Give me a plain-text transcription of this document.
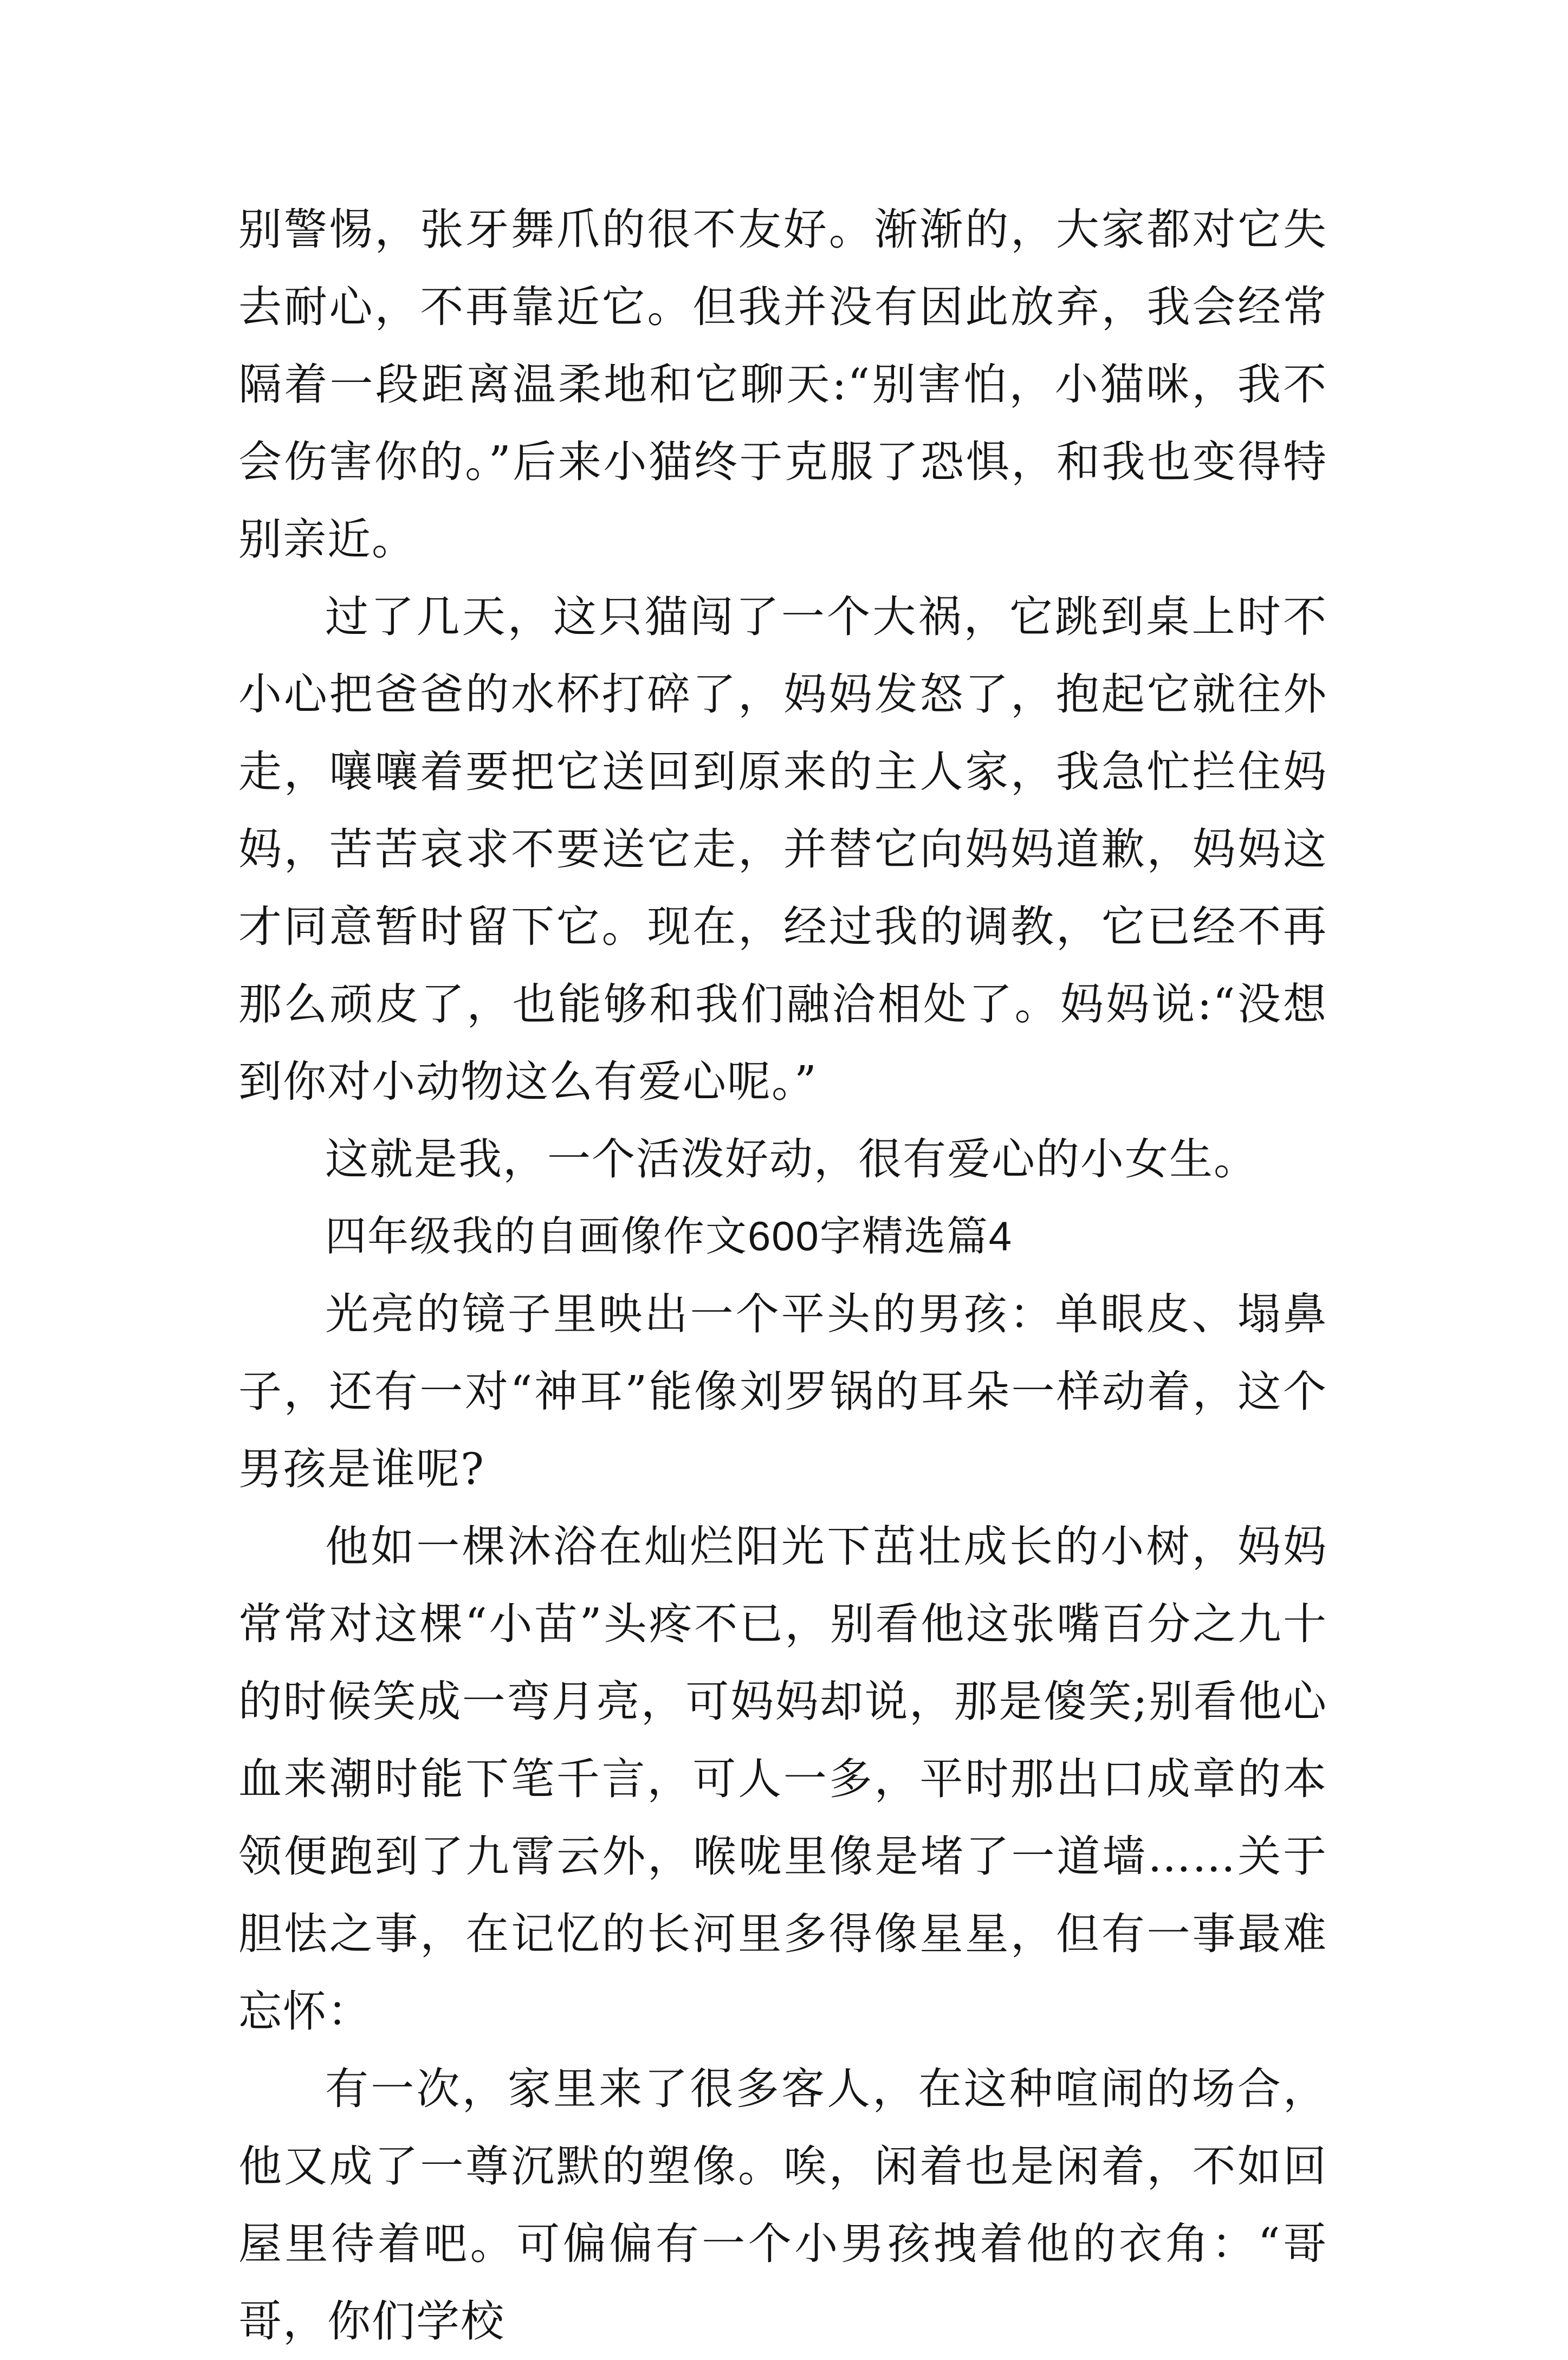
别警惕，张牙舞爪的很不友好。渐渐的，大家都对它失去耐心，不再靠近它。但我并没有因此放弃，我会经常隔着一段距离温柔地和它聊天:“别害怕，小猫咪，我不会伤害你的。”后来小猫终于克服了恐惧，和我也变得特别亲近。

过了几天，这只猫闯了一个大祸，它跳到桌上时不小心把爸爸的水杯打碎了，妈妈发怒了，抱起它就往外走，嚷嚷着要把它送回到原来的主人家，我急忙拦住妈妈，苦苦哀求不要送它走，并替它向妈妈道歉，妈妈这才同意暂时留下它。现在，经过我的调教，它已经不再那么顽皮了，也能够和我们融洽相处了。妈妈说:“没想到你对小动物这么有爱心呢。”

这就是我，一个活泼好动，很有爱心的小女生。

四年级我的自画像作文600字精选篇4

光亮的镜子里映出一个平头的男孩：单眼皮、塌鼻子，还有一对“神耳”能像刘罗锅的耳朵一样动着，这个男孩是谁呢?

他如一棵沐浴在灿烂阳光下茁壮成长的小树，妈妈常常对这棵“小苗”头疼不已，别看他这张嘴百分之九十的时候笑成一弯月亮，可妈妈却说，那是傻笑;别看他心血来潮时能下笔千言，可人一多，平时那出口成章的本领便跑到了九霄云外，喉咙里像是堵了一道墙……关于胆怯之事，在记忆的长河里多得像星星，但有一事最难忘怀：

有一次，家里来了很多客人，在这种喧闹的场合，他又成了一尊沉默的塑像。唉，闲着也是闲着，不如回屋里待着吧。可偏偏有一个小男孩拽着他的衣角：“哥哥，你们学校
